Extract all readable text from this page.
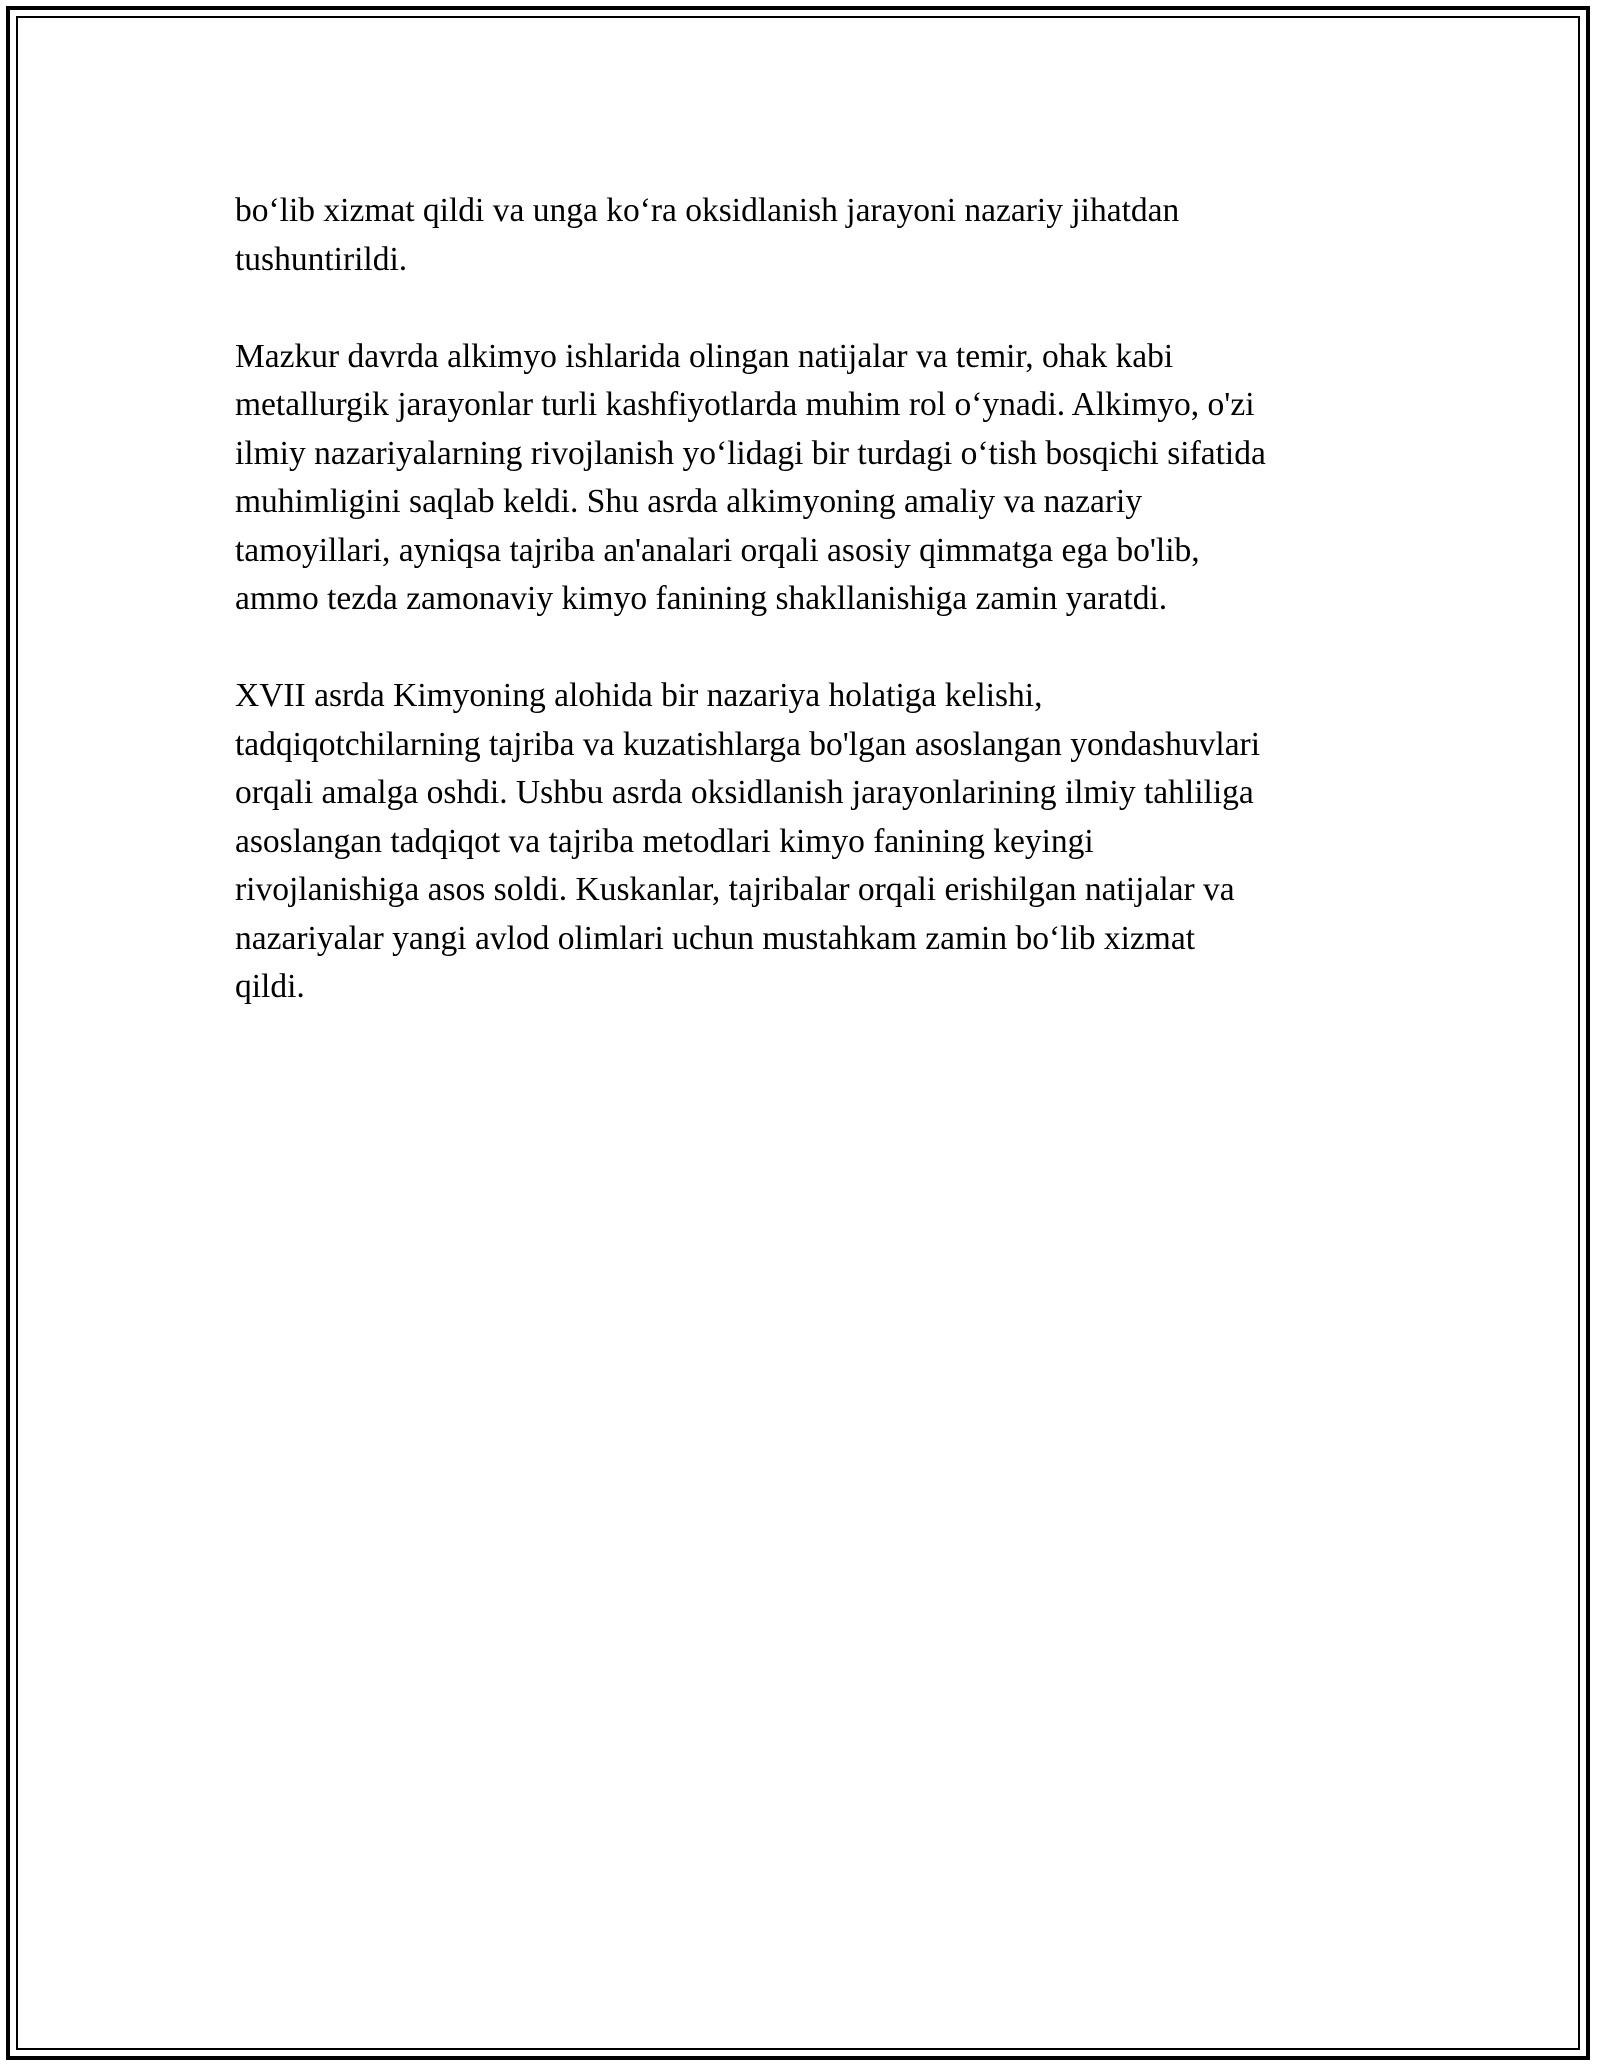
bo‘lib xizmat qildi va unga ko‘ra oksidlanish jarayoni nazariy jihatdan
tushuntirildi.

Mazkur davrda alkimyo ishlarida olingan natijalar va temir, ohak kabi
metallurgik jarayonlar turli kashfiyotlarda muhim rol o‘ynadi. Alkimyo, o'zi
ilmiy nazariyalarning rivojlanish yo‘lidagi bir turdagi o‘tish bosqichi sifatida
muhimligini saqlab keldi. Shu asrda alkimyoning amaliy va nazariy
tamoyillari, ayniqsa tajriba an'analari orqali asosiy qimmatga ega bo'lib,
ammo tezda zamonaviy kimyo fanining shakllanishiga zamin yaratdi.

XVII asrda Kimyoning alohida bir nazariya holatiga kelishi,
tadqiqotchilarning tajriba va kuzatishlarga bo'lgan asoslangan yondashuvlari
orqali amalga oshdi. Ushbu asrda oksidlanish jarayonlarining ilmiy tahliliga
asoslangan tadqiqot va tajriba metodlari kimyo fanining keyingi
rivojlanishiga asos soldi. Kuskanlar, tajribalar orqali erishilgan natijalar va
nazariyalar yangi avlod olimlari uchun mustahkam zamin bo‘lib xizmat
qildi.
